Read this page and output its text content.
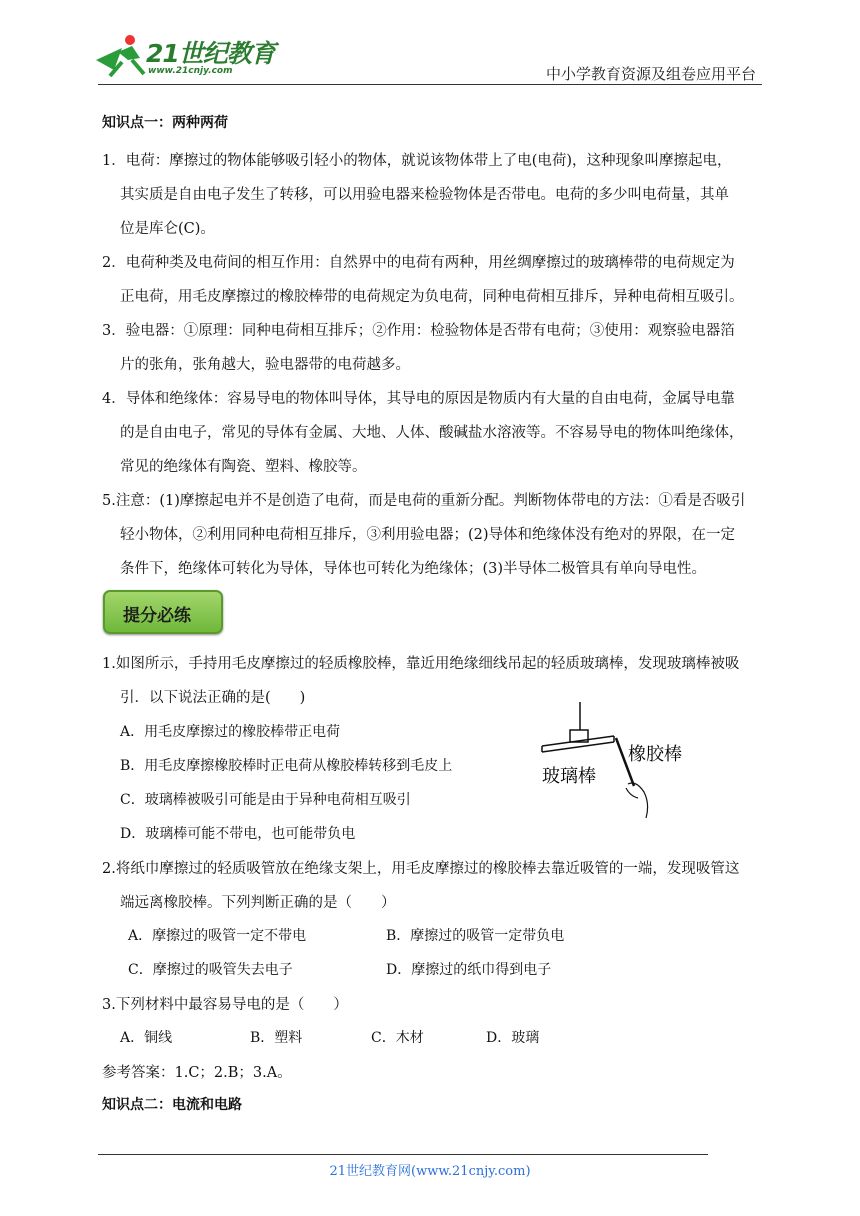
21世纪教育
www.21cnjy.com	中小学教育资源及组卷应用平台
知识点一：两种两荷
1．电荷：摩擦过的物体能够吸引轻小的物体，就说该物体带上了电(电荷)，这种现象叫摩擦起电，
其实质是自由电子发生了转移，可以用验电器来检验物体是否带电。电荷的多少叫电荷量，其单
位是库仑(C)。
2．电荷种类及电荷间的相互作用：自然界中的电荷有两种，用丝绸摩擦过的玻璃棒带的电荷规定为
正电荷，用毛皮摩擦过的橡胶棒带的电荷规定为负电荷，同种电荷相互排斥，异种电荷相互吸引。
3．验电器：①原理：同种电荷相互排斥；②作用：检验物体是否带有电荷；③使用：观察验电器箔
片的张角，张角越大，验电器带的电荷越多。
4．导体和绝缘体：容易导电的物体叫导体，其导电的原因是物质内有大量的自由电荷，金属导电靠
的是自由电子，常见的导体有金属、大地、人体、酸碱盐水溶液等。不容易导电的物体叫绝缘体，
常见的绝缘体有陶瓷、塑料、橡胶等。
5.注意：(1)摩擦起电并不是创造了电荷，而是电荷的重新分配。判断物体带电的方法：①看是否吸引
轻小物体，②利用同种电荷相互排斥，③利用验电器；(2)导体和绝缘体没有绝对的界限，在一定
条件下，绝缘体可转化为导体，导体也可转化为绝缘体；(3)半导体二极管具有单向导电性。
提分必练
1.如图所示，手持用毛皮摩擦过的轻质橡胶棒，靠近用绝缘细线吊起的轻质玻璃棒，发现玻璃棒被吸
引．以下说法正确的是(　　)
A．用毛皮摩擦过的橡胶棒带正电荷
B．用毛皮摩擦橡胶棒时正电荷从橡胶棒转移到毛皮上
C．玻璃棒被吸引可能是由于异种电荷相互吸引
D．玻璃棒可能不带电，也可能带负电
玻璃棒
橡胶棒
2.将纸巾摩擦过的轻质吸管放在绝缘支架上，用毛皮摩擦过的橡胶棒去靠近吸管的一端，发现吸管这
端远离橡胶棒。下列判断正确的是（　　）
A．摩擦过的吸管一定不带电	B．摩擦过的吸管一定带负电
C．摩擦过的吸管失去电子	D．摩擦过的纸巾得到电子
3.下列材料中最容易导电的是（　　）
A．铜线	B．塑料	C．木材	D．玻璃
参考答案：1.C；2.B；3.A。
知识点二：电流和电路
21世纪教育网(www.21cnjy.com)
